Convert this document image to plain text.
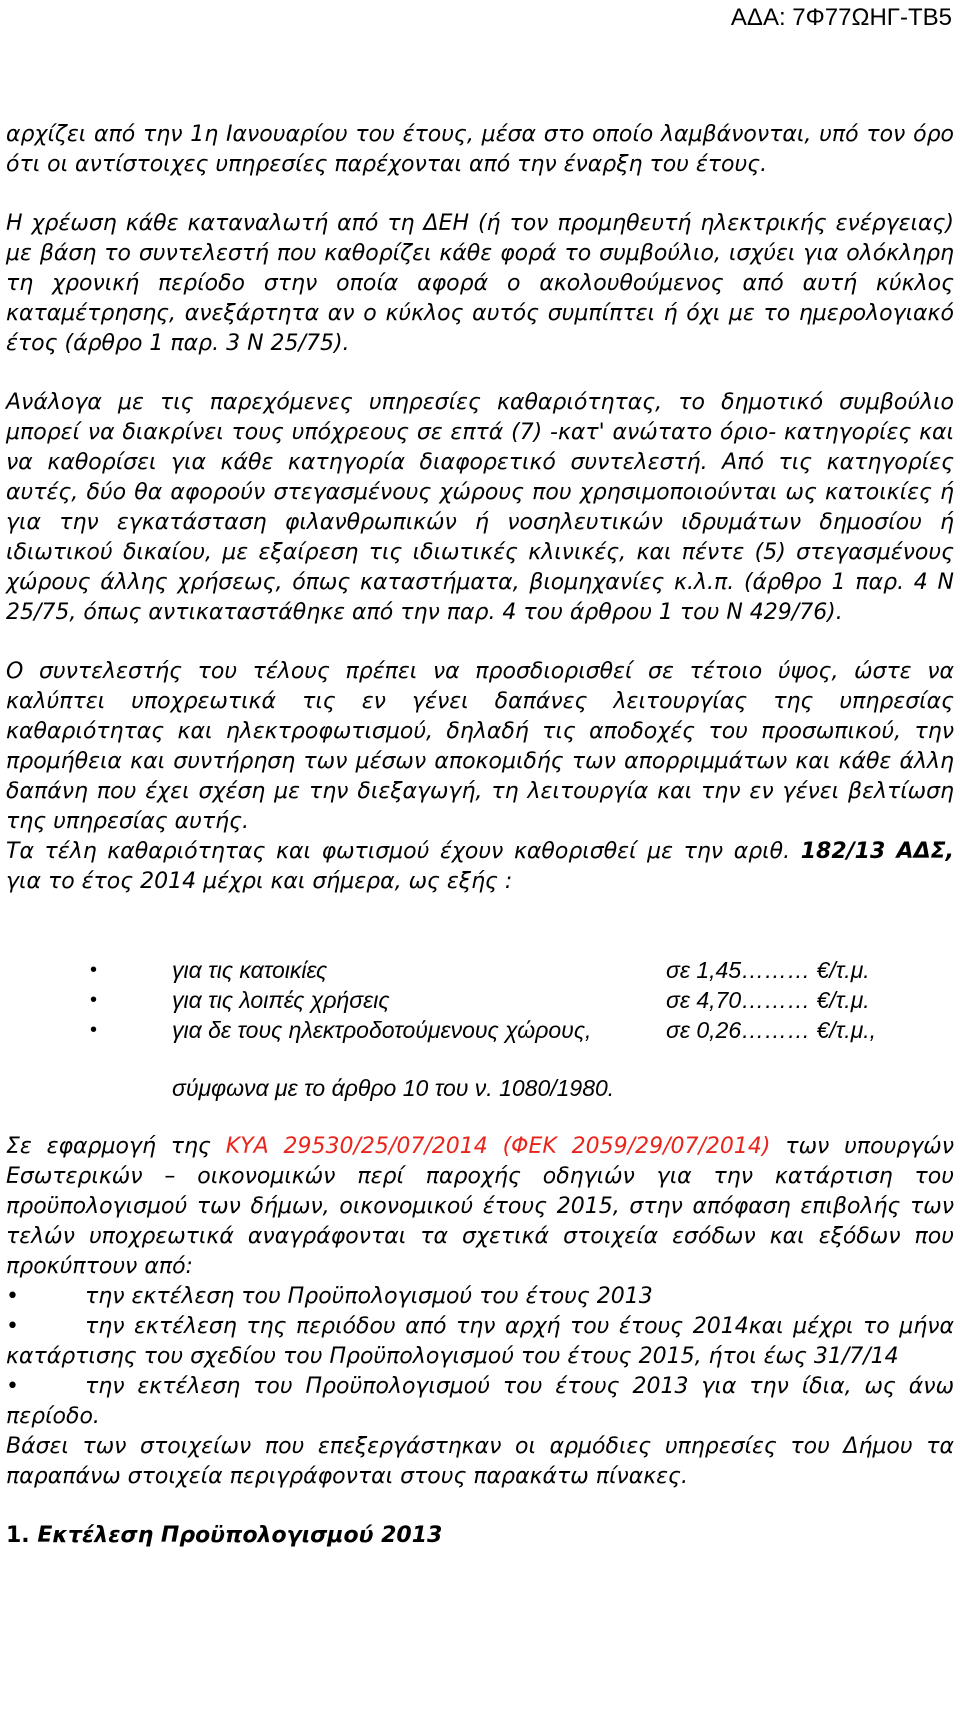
ΑΔΑ: 7Φ77ΩΗΓ-ΤΒ5

αρχίζει από την 1η Ιανουαρίου του έτους, μέσα στο οποίο λαμβάνονται, υπό τον όρο ότι οι αντίστοιχες υπηρεσίες παρέχονται από την έναρξη του έτους.

Η χρέωση κάθε καταναλωτή από τη ΔΕΗ (ή τον προμηθευτή ηλεκτρικής ενέργειας) με βάση το συντελεστή που καθορίζει κάθε φορά το συμβούλιο, ισχύει για ολόκληρη τη χρονική περίοδο στην οποία αφορά ο ακολουθούμενος από αυτή κύκλος καταμέτρησης, ανεξάρτητα αν ο κύκλος αυτός συμπίπτει ή όχι με το ημερολογιακό έτος (άρθρο 1 παρ. 3 Ν 25/75).

Ανάλογα με τις παρεχόμενες υπηρεσίες καθαριότητας, το δημοτικό συμβούλιο μπορεί να διακρίνει τους υπόχρεους σε επτά (7) -κατ' ανώτατο όριο- κατηγορίες και να καθορίσει για κάθε κατηγορία διαφορετικό συντελεστή. Από τις κατηγορίες αυτές, δύο θα αφορούν στεγασμένους χώρους που χρησιμοποιούνται ως κατοικίες ή για την εγκατάσταση φιλανθρωπικών ή νοσηλευτικών ιδρυμάτων δημοσίου ή ιδιωτικού δικαίου, με εξαίρεση τις ιδιωτικές κλινικές, και πέντε (5) στεγασμένους χώρους άλλης χρήσεως, όπως καταστήματα, βιομηχανίες κ.λ.π. (άρθρο 1 παρ. 4 Ν 25/75, όπως αντικαταστάθηκε από την παρ. 4 του άρθρου 1 του Ν 429/76).

Ο συντελεστής του τέλους πρέπει να προσδιορισθεί σε τέτοιο ύψος, ώστε να καλύπτει υποχρεωτικά τις εν γένει δαπάνες λειτουργίας της υπηρεσίας καθαριότητας και ηλεκτροφωτισμού, δηλαδή τις αποδοχές του προσωπικού, την προμήθεια και συντήρηση των μέσων αποκομιδής των απορριμμάτων και κάθε άλλη δαπάνη που έχει σχέση με την διεξαγωγή, τη λειτουργία και την εν γένει βελτίωση της υπηρεσίας αυτής.

Τα τέλη καθαριότητας και φωτισμού έχουν καθορισθεί με την αριθ. 182/13 ΑΔΣ, για το έτος 2014 μέχρι και σήμερα, ως εξής :

•	για τις κατοικίες	σε 1,45……… €/τ.μ.
•	για τις λοιπές χρήσεις	σε 4,70……… €/τ.μ.
•	για δε τους ηλεκτροδοτούμενους χώρους,	σε 0,26……… €/τ.μ.,
σύμφωνα με το άρθρο 10 του ν. 1080/1980.

Σε εφαρμογή της ΚΥΑ 29530/25/07/2014 (ΦΕΚ 2059/29/07/2014) των υπουργών Εσωτερικών – οικονομικών περί παροχής οδηγιών για την κατάρτιση του προϋπολογισμού των δήμων, οικονομικού έτους 2015, στην απόφαση επιβολής των τελών υποχρεωτικά αναγράφονται τα σχετικά στοιχεία εσόδων και εξόδων που προκύπτουν από:

•	την εκτέλεση του Προϋπολογισμού του έτους 2013

•	την εκτέλεση της περιόδου από την αρχή του έτους 2014και μέχρι το μήνα κατάρτισης του σχεδίου του Προϋπολογισμού του έτους 2015, ήτοι έως 31/7/14

•	την εκτέλεση του Προϋπολογισμού του έτους 2013 για την ίδια, ως άνω περίοδο.

Βάσει των στοιχείων που επεξεργάστηκαν οι αρμόδιες υπηρεσίες του Δήμου τα παραπάνω στοιχεία περιγράφονται στους παρακάτω πίνακες.

1. Εκτέλεση Προϋπολογισμού 2013
